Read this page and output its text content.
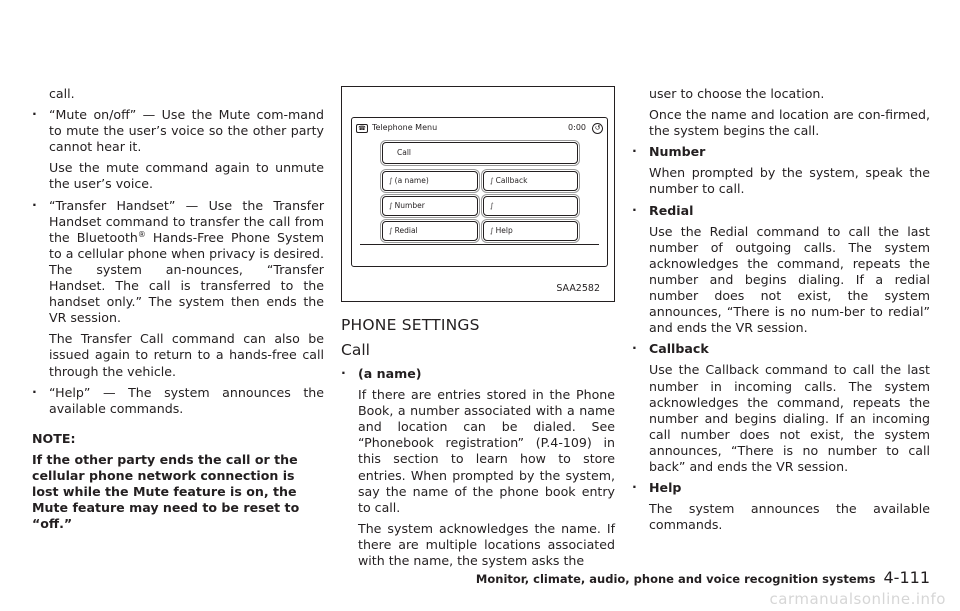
call.

. “Mute on/off” — Use the Mute com-mand to mute the user’s voice so the other party cannot hear it.

Use the mute command again to unmute the user’s voice.

. “Transfer Handset” — Use the Transfer Handset command to transfer the call from the Bluetooth® Hands-Free Phone System to a cellular phone when privacy is desired. The system an-nounces, “Transfer Handset. The call is transferred to the handset only.” The system then ends the VR session.

The Transfer Call command can also be issued again to return to a hands-free call through the vehicle.

. “Help” — The system announces the available commands.

NOTE:

If the other party ends the call or the cellular phone network connection is lost while the Mute feature is on, the Mute feature may need to be reset to “off.”

☎ Telephone Menu	0:00	↺
Call
∫ (a name)	∫ Callback
∫ Number	∫
∫ Redial	∫ Help
SAA2582
PHONE SETTINGS
Call

. (a name)

If there are entries stored in the Phone Book, a number associated with a name and location can be dialed. See “Phonebook registration” (P.4-109) in this section to learn how to store entries. When prompted by the system, say the name of the phone book entry to call.

The system acknowledges the name. If there are multiple locations associated with the name, the system asks the

user to choose the location.

Once the name and location are con-firmed, the system begins the call.

. Number

When prompted by the system, speak the number to call.

. Redial

Use the Redial command to call the last number of outgoing calls. The system acknowledges the command, repeats the number and begins dialing. If a redial number does not exist, the system announces, “There is no num-ber to redial” and ends the VR session.

. Callback

Use the Callback command to call the last number in incoming calls. The system acknowledges the command, repeats the number and begins dialing. If an incoming call number does not exist, the system announces, “There is no number to call back” and ends the VR session.

. Help

The system announces the available commands.

Monitor, climate, audio, phone and voice recognition systems 4-111
carmanualsonline.info
